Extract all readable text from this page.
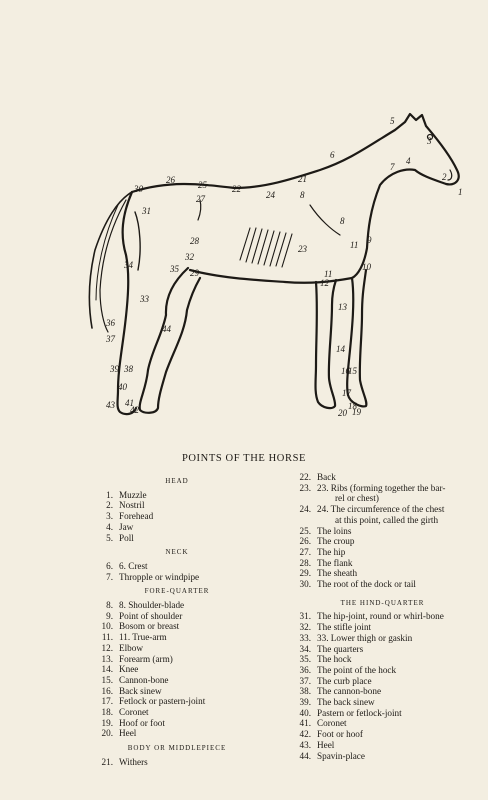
1
2
3
4
5
6
7
8
8
9
10
11
11
12
13
14
15
16
17
18
19
20
21
22
23
24
25
26
27
28
29
30
31
32
33
34	35
36
37
38
39
40
41
42
43
44
POINTS OF THE HORSE
HEAD
1. Muzzle
2. Nostril
3. Forehead
4. Jaw
5. Poll
NECK
6. 6. Crest
7. Thropple or windpipe
FORE-QUARTER
8. 8. Shoulder-blade
9. Point of shoulder
10. Bosom or breast
11. 11. True-arm
12. Elbow
13. Forearm (arm)
14. Knee
15. Cannon-bone
16. Back sinew
17. Fetlock or pastern-joint
18. Coronet
19. Hoof or foot
20. Heel
BODY OR MIDDLEPIECE
21. Withers
22. Back
23. 23. Ribs (forming together the bar-
rel or chest)
24. 24. The circumference of the chest
at this point, called the girth
25. The loins
26. The croup
27. The hip
28. The flank
29. The sheath
30. The root of the dock or tail
THE HIND-QUARTER
31. The hip-joint, round or whirl-bone
32. The stifle joint
33. 33. Lower thigh or gaskin
34. The quarters
35. The hock
36. The point of the hock
37. The curb place
38. The cannon-bone
39. The back sinew
40. Pastern or fetlock-joint
41. Coronet
42. Foot or hoof
43. Heel
44. Spavin-place
